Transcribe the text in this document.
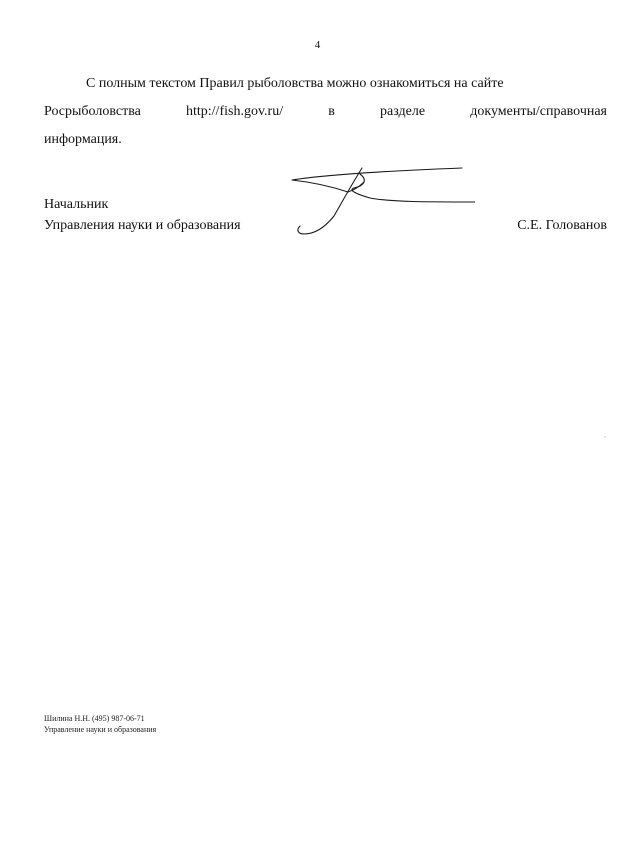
4
С полным текстом Правил рыболовства можно ознакомиться на сайте
Росрыболовства	http://fish.gov.ru/	в	разделе	документы/справочная
информация.
Начальник
Управления науки и образования	С.Е. Голованов
Шилина Н.Н. (495) 987-06-71
Управление науки и образования
